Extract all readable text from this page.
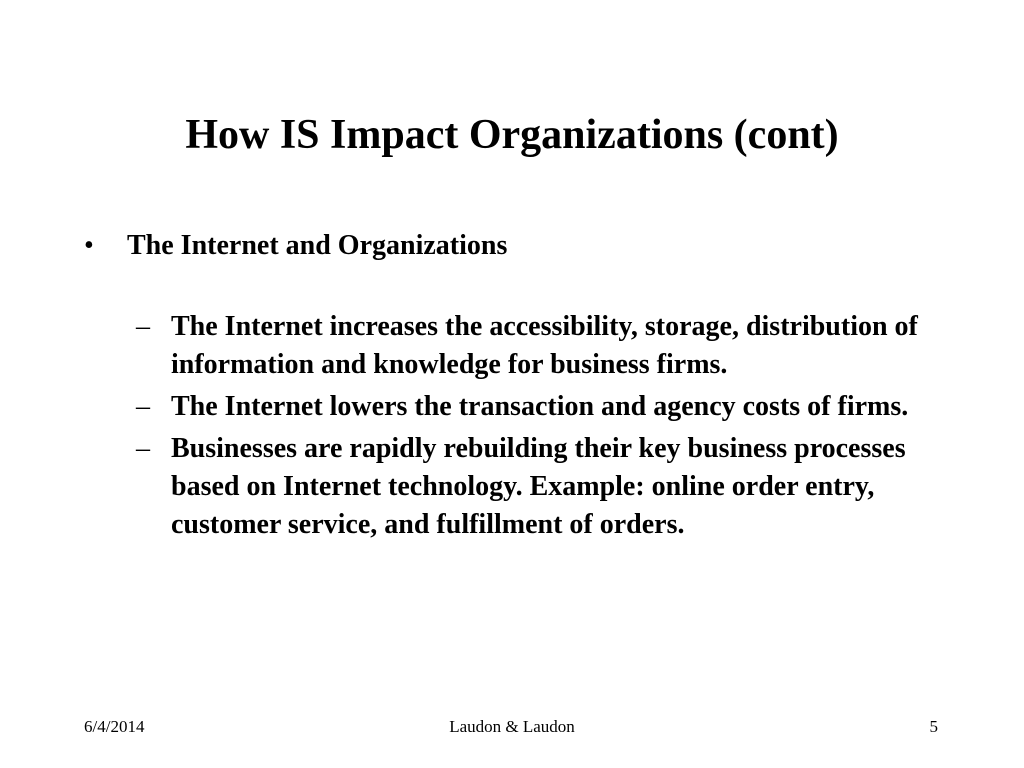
How IS Impact Organizations (cont)
• The Internet and Organizations
– The Internet increases the accessibility, storage, distribution of information and knowledge for business firms.
– The Internet lowers the transaction and agency costs of firms.
– Businesses are rapidly rebuilding their key business processes based on Internet technology. Example: online order entry, customer service, and fulfillment of orders.
6/4/2014	Laudon & Laudon	5
